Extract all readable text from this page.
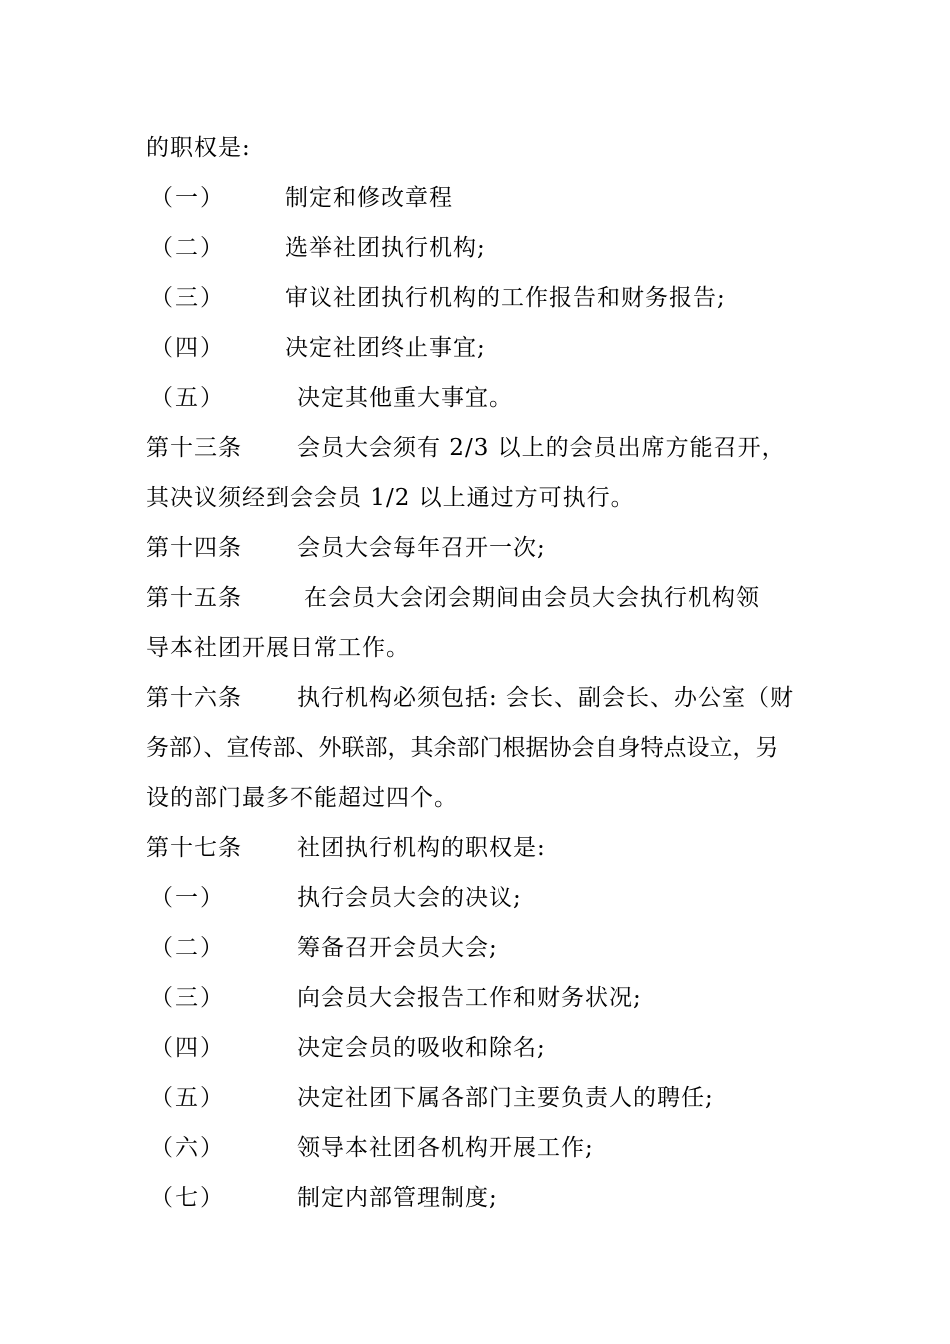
的职权是:
（一）	制定和修改章程
（二）	选举社团执行机构;
（三）	审议社团执行机构的工作报告和财务报告;
（四）	决定社团终止事宜;
（五）	决定其他重大事宜。
第十三条 会员大会须有 2/3 以上的会员出席方能召开，
其决议须经到会会员 1/2 以上通过方可执行。
第十四条 会员大会每年召开一次;
第十五条	在会员大会闭会期间由会员大会执行机构领
导本社团开展日常工作。
第十六条 执行机构必须包括: 会长、副会长、办公室（财
务部）、宣传部、外联部，其余部门根据协会自身特点设立，另
设的部门最多不能超过四个。
第十七条 社团执行机构的职权是:
（一）	执行会员大会的决议;
（二）	筹备召开会员大会;
（三）	向会员大会报告工作和财务状况;
（四）	决定会员的吸收和除名;
（五）	决定社团下属各部门主要负责人的聘任;
（六）	领导本社团各机构开展工作;
（七）	制定内部管理制度;
